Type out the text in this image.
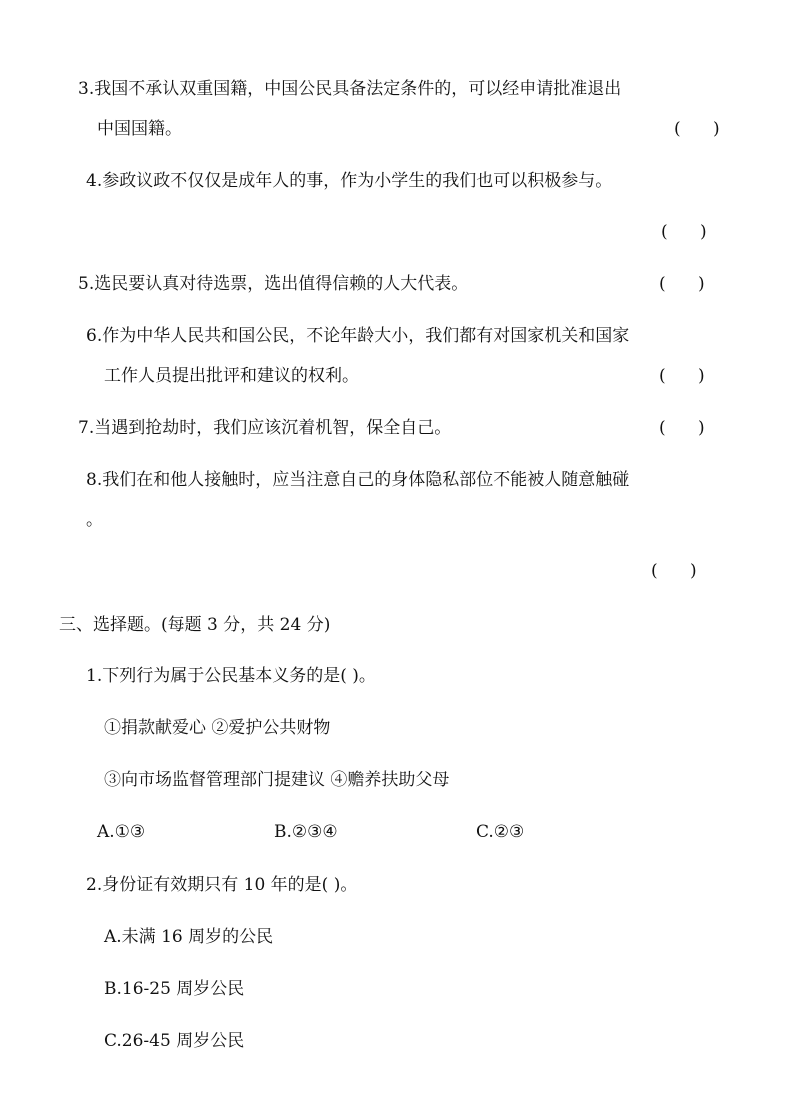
3.我国不承认双重国籍，中国公民具备法定条件的，可以经申请批准退出
中国国籍。	(      )
4.参政议政不仅仅是成年人的事，作为小学生的我们也可以积极参与。
(      )
5.选民要认真对待选票，选出值得信赖的人大代表。	(      )
6.作为中华人民共和国公民，不论年龄大小，我们都有对国家机关和国家
工作人员提出批评和建议的权利。	(      )
7.当遇到抢劫时，我们应该沉着机智，保全自己。	(      )
8.我们在和他人接触时，应当注意自己的身体隐私部位不能被人随意触碰
。
(      )
三、选择题。(每题 3 分，共 24 分)
1.下列行为属于公民基本义务的是( )。
①捐款献爱心 ②爱护公共财物
③向市场监督管理部门提建议 ④赡养扶助父母
A.①③	B.②③④	C.②③
2.身份证有效期只有 10 年的是( )。
A.未满 16 周岁的公民
B.16-25 周岁公民
C.26-45 周岁公民
